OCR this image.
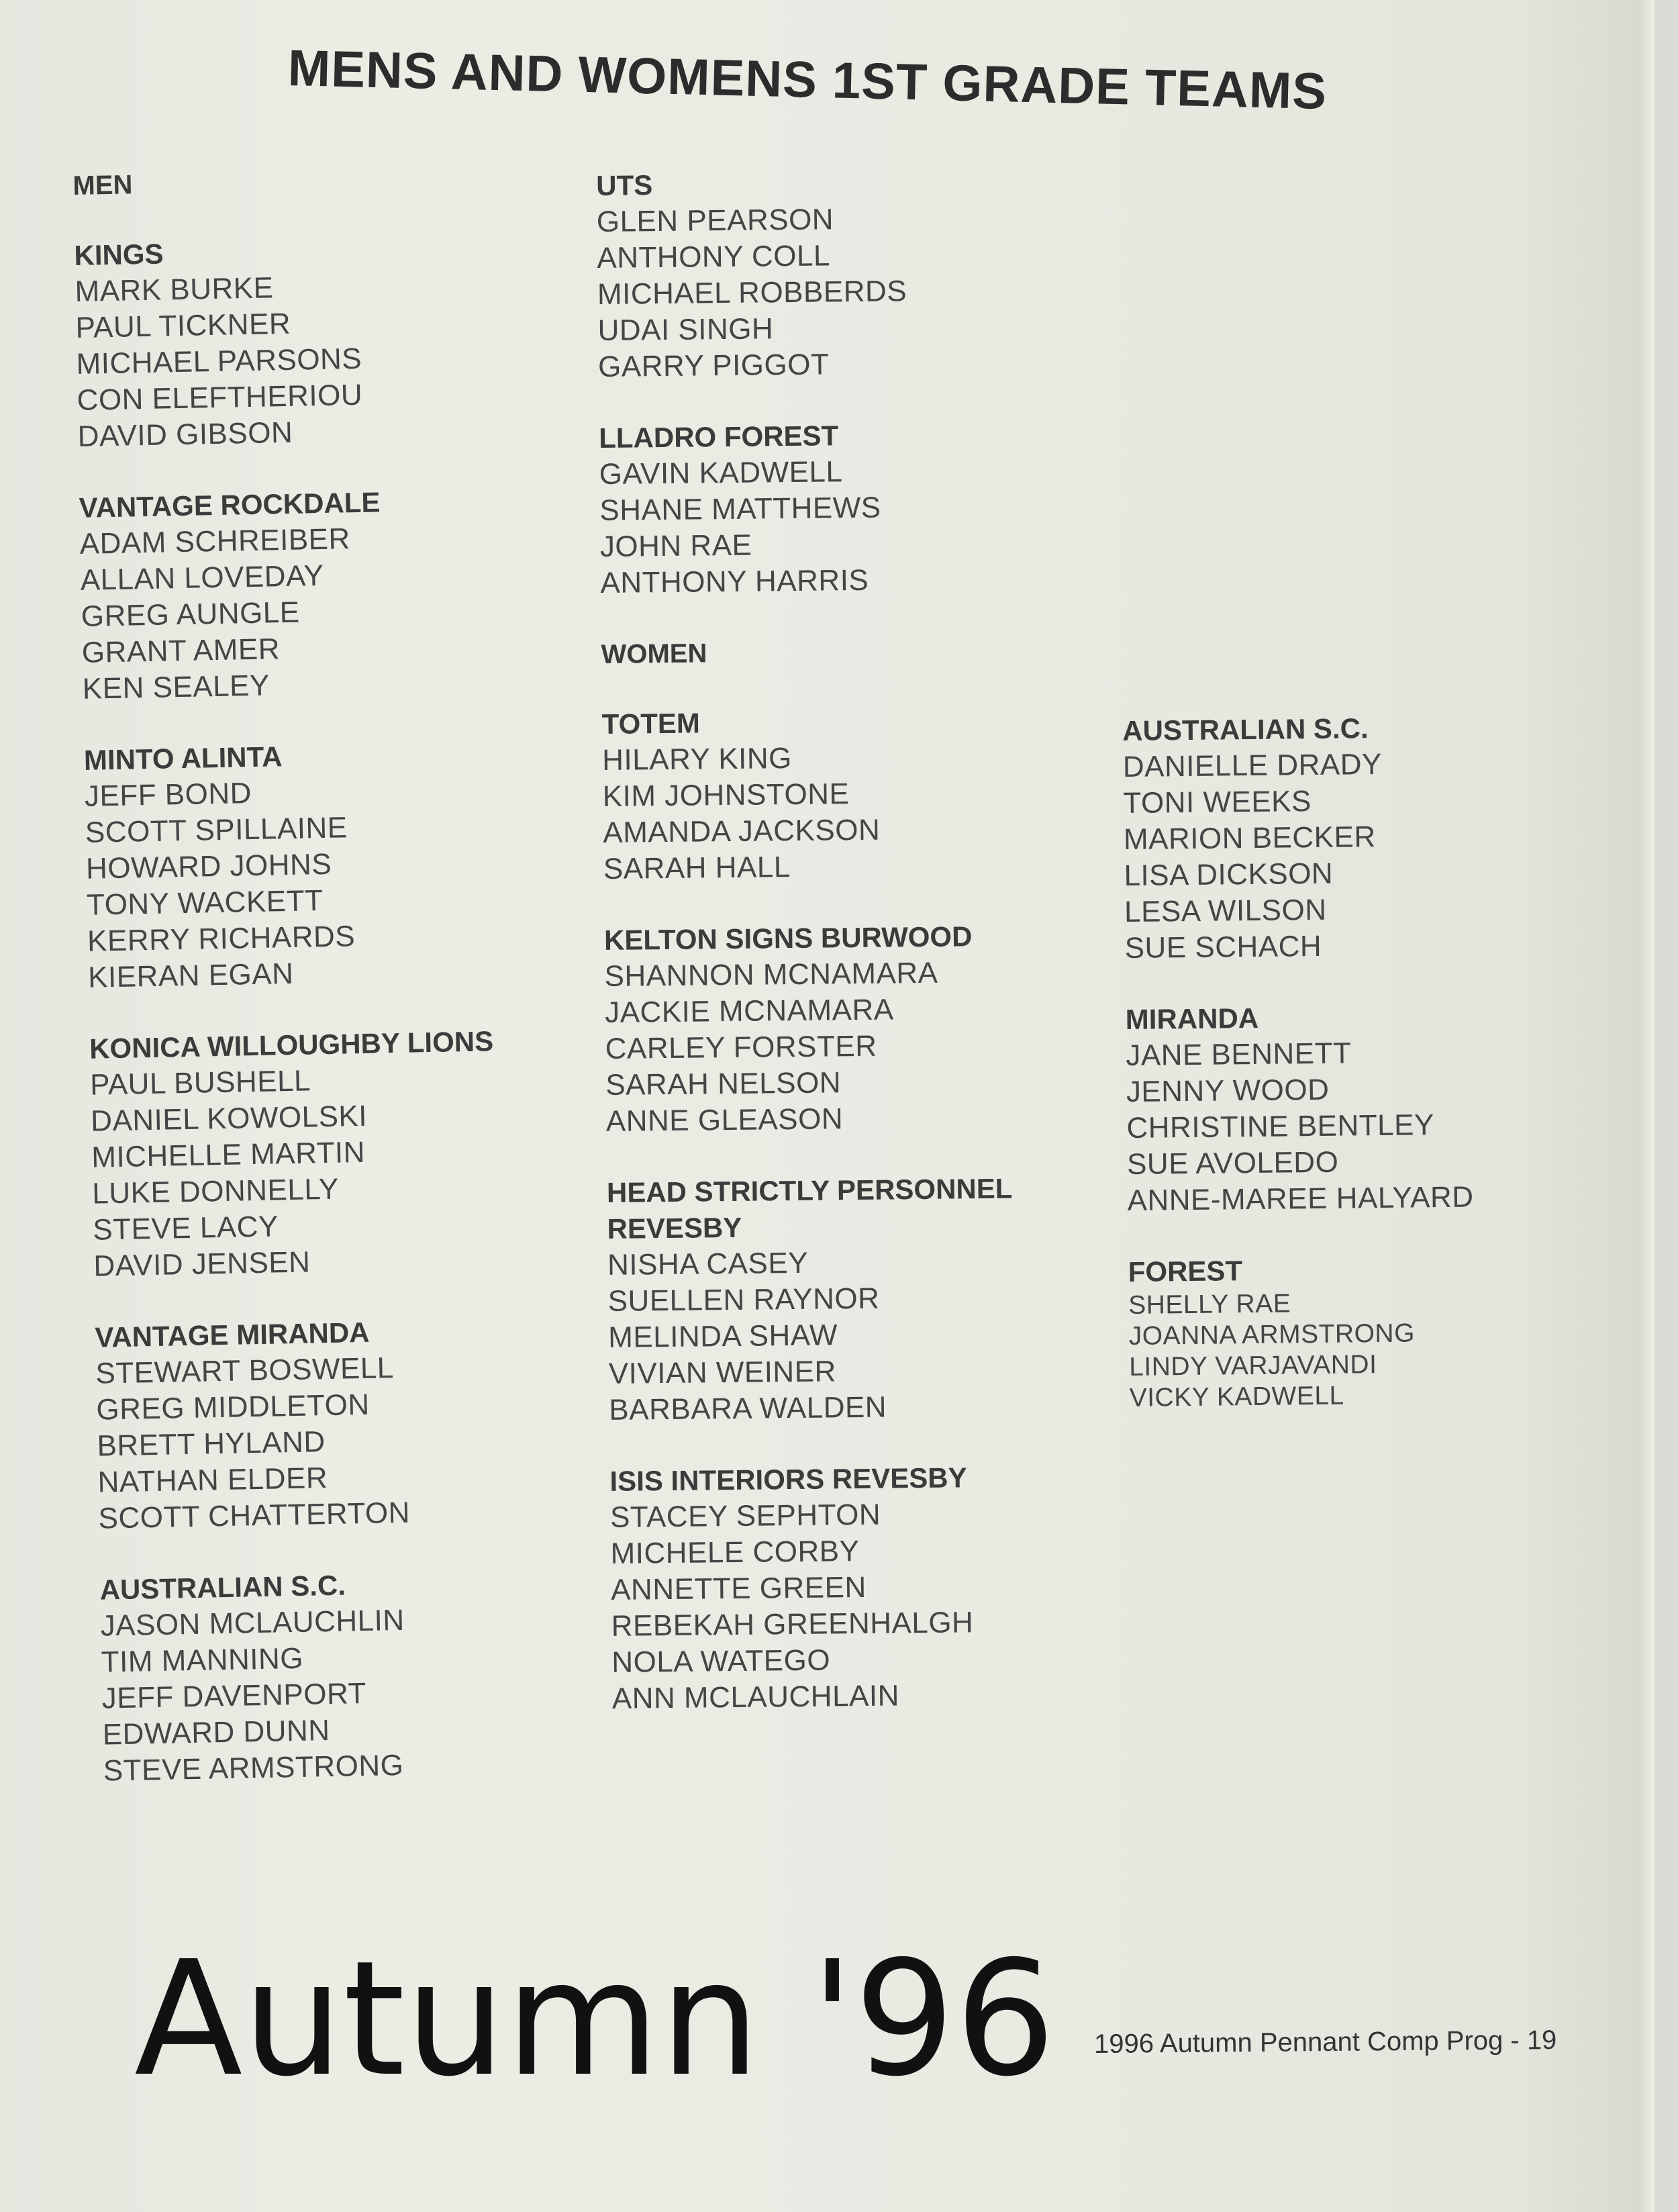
MENS AND WOMENS 1ST GRADE TEAMS
MEN
KINGS
MARK BURKE
PAUL TICKNER
MICHAEL PARSONS
CON ELEFTHERIOU
DAVID GIBSON
VANTAGE ROCKDALE
ADAM SCHREIBER
ALLAN LOVEDAY
GREG AUNGLE
GRANT AMER
KEN SEALEY
MINTO ALINTA
JEFF BOND
SCOTT SPILLAINE
HOWARD JOHNS
TONY WACKETT
KERRY RICHARDS
KIERAN EGAN
KONICA WILLOUGHBY LIONS
PAUL BUSHELL
DANIEL KOWOLSKI
MICHELLE MARTIN
LUKE DONNELLY
STEVE LACY
DAVID JENSEN
VANTAGE MIRANDA
STEWART BOSWELL
GREG MIDDLETON
BRETT HYLAND
NATHAN ELDER
SCOTT CHATTERTON
AUSTRALIAN S.C.
JASON MCLAUCHLIN
TIM MANNING
JEFF DAVENPORT
EDWARD DUNN
STEVE ARMSTRONG
UTS
GLEN PEARSON
ANTHONY COLL
MICHAEL ROBBERDS
UDAI SINGH
GARRY PIGGOT
LLADRO FOREST
GAVIN KADWELL
SHANE MATTHEWS
JOHN RAE
ANTHONY HARRIS
WOMEN
TOTEM
HILARY KING
KIM JOHNSTONE
AMANDA JACKSON
SARAH HALL
KELTON SIGNS BURWOOD
SHANNON MCNAMARA
JACKIE MCNAMARA
CARLEY FORSTER
SARAH NELSON
ANNE GLEASON
HEAD STRICTLY PERSONNEL
REVESBY
NISHA CASEY
SUELLEN RAYNOR
MELINDA SHAW
VIVIAN WEINER
BARBARA WALDEN
ISIS INTERIORS REVESBY
STACEY SEPHTON
MICHELE CORBY
ANNETTE GREEN
REBEKAH GREENHALGH
NOLA WATEGO
ANN MCLAUCHLAIN
AUSTRALIAN S.C.
DANIELLE DRADY
TONI WEEKS
MARION BECKER
LISA DICKSON
LESA WILSON
SUE SCHACH
MIRANDA
JANE BENNETT
JENNY WOOD
CHRISTINE BENTLEY
SUE AVOLEDO
ANNE-MAREE HALYARD
FOREST
SHELLY RAE
JOANNA ARMSTRONG
LINDY VARJAVANDI
VICKY KADWELL
Autumn '96 1996 Autumn Pennant Comp Prog - 19
